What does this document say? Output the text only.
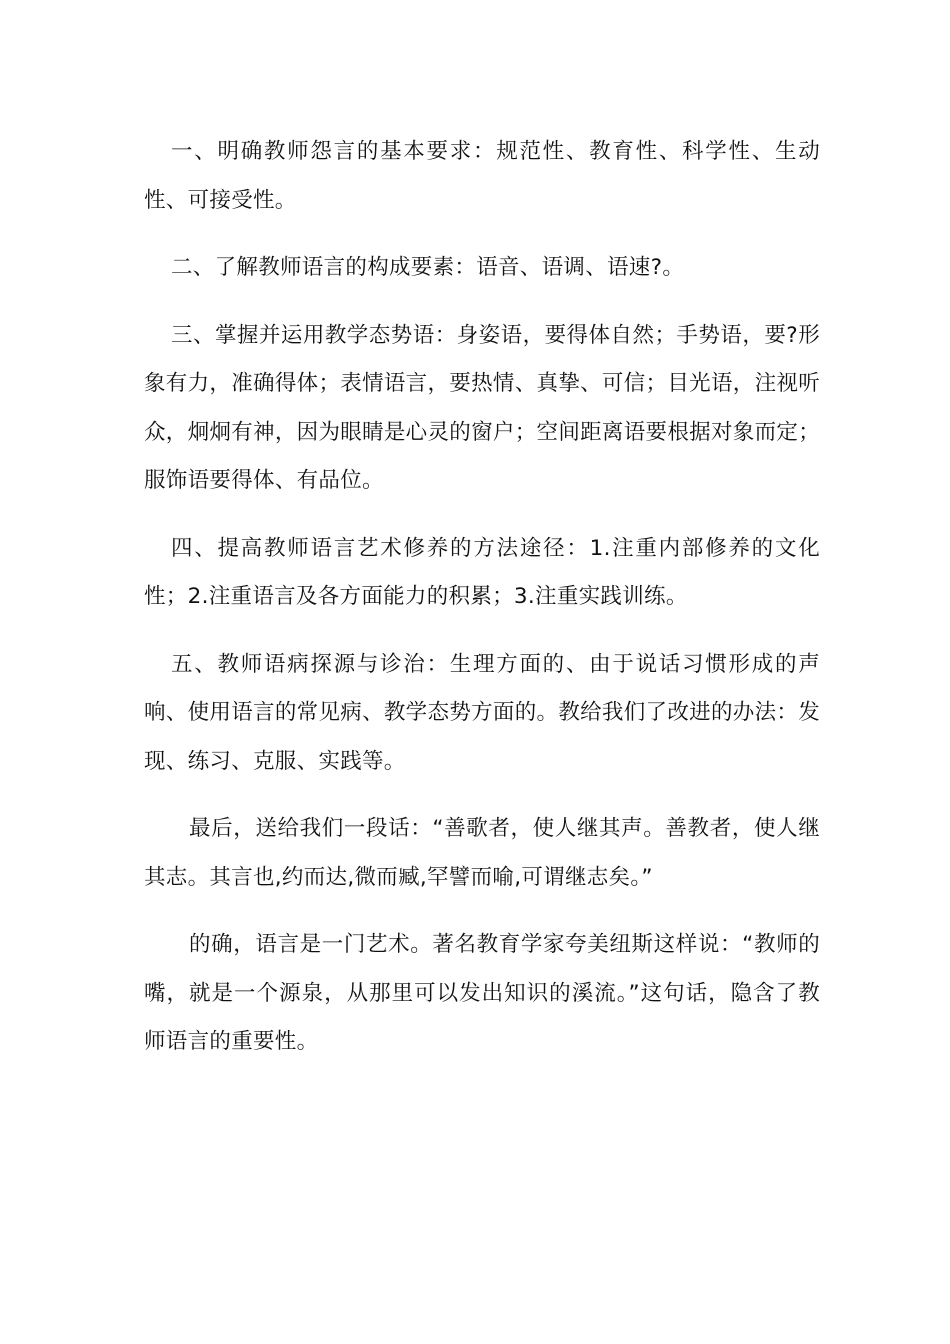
一、明确教师怨言的基本要求：规范性、教育性、科学性、生动性、可接受性。

二、了解教师语言的构成要素：语音、语调、语速?。

三、掌握并运用教学态势语：身姿语，要得体自然；手势语，要?形象有力，准确得体；表情语言，要热情、真挚、可信；目光语，注视听众，炯炯有神，因为眼睛是心灵的窗户；空间距离语要根据对象而定；服饰语要得体、有品位。

四、提高教师语言艺术修养的方法途径：1.注重内部修养的文化性；2.注重语言及各方面能力的积累；3.注重实践训练。

五、教师语病探源与诊治：生理方面的、由于说话习惯形成的声响、使用语言的常见病、教学态势方面的。教给我们了改进的办法：发现、练习、克服、实践等。

最后，送给我们一段话：“善歌者，使人继其声。善教者，使人继其志。其言也,约而达,微而臧,罕譬而喻,可谓继志矣。”

的确，语言是一门艺术。著名教育学家夸美纽斯这样说：“教师的嘴，就是一个源泉，从那里可以发出知识的溪流。”这句话，隐含了教师语言的重要性。
